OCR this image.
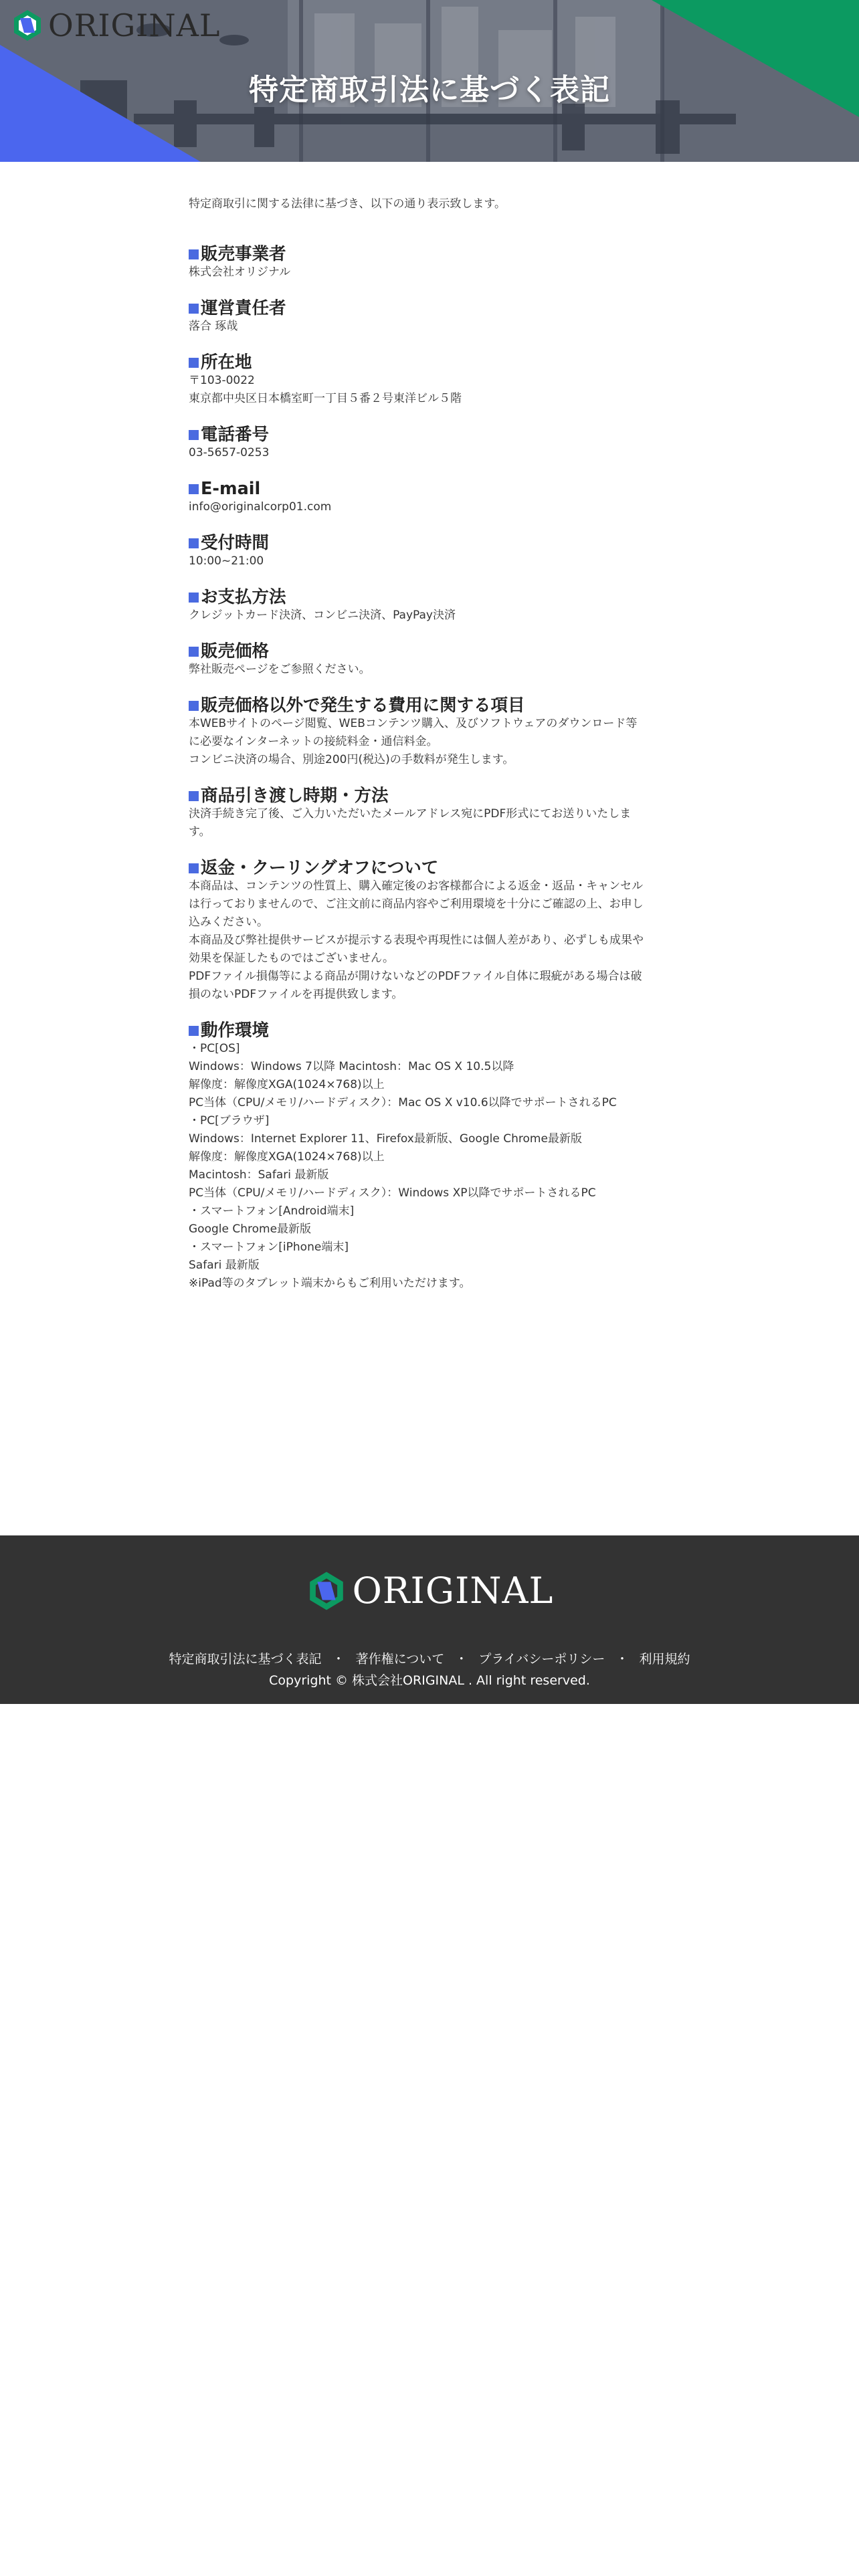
ORIGINAL
特定商取引法に基づく表記

特定商取引に関する法律に基づき、以下の通り表示致します。

販売事業者
株式会社オリジナル
運営責任者
落合 琢哉
所在地
〒103-0022
東京都中央区日本橋室町一丁目５番２号東洋ビル５階
電話番号
03-5657-0253
E-mail
info@originalcorp01.com
受付時間
10:00~21:00
お支払方法
クレジットカード決済、コンビニ決済、PayPay決済
販売価格
弊社販売ページをご参照ください。
販売価格以外で発生する費用に関する項目
本WEBサイトのページ閲覧、WEBコンテンツ購入、及びソフトウェアのダウンロード等
に必要なインターネットの接続料金・通信料金。
コンビニ決済の場合、別途200円(税込)の手数料が発生します。
商品引き渡し時期・方法
決済手続き完了後、ご入力いただいたメールアドレス宛にPDF形式にてお送りいたしま
す。
返金・クーリングオフについて
本商品は、コンテンツの性質上、購入確定後のお客様都合による返金・返品・キャンセル
は行っておりませんので、ご注文前に商品内容やご利用環境を十分にご確認の上、お申し
込みください。
本商品及び弊社提供サービスが提示する表現や再現性には個人差があり、必ずしも成果や
効果を保証したものではございません。
PDFファイル損傷等による商品が開けないなどのPDFファイル自体に瑕疵がある場合は破
損のないPDFファイルを再提供致します。
動作環境
・PC[OS]
Windows：Windows 7以降 Macintosh：Mac OS X 10.5以降
解像度：解像度XGA(1024×768)以上
PC当体（CPU/メモリ/ハードディスク）：Mac OS X v10.6以降でサポートされるPC
・PC[ブラウザ]
Windows：Internet Explorer 11、Firefox最新版、Google Chrome最新版
解像度：解像度XGA(1024×768)以上
Macintosh：Safari 最新版
PC当体（CPU/メモリ/ハードディスク）：Windows XP以降でサポートされるPC
・スマートフォン[Android端末]
Google Chrome最新版
・スマートフォン[iPhone端末]
Safari 最新版
※iPad等のタブレット端末からもご利用いただけます。
ORIGINAL
特定商取引法に基づく表記 ・ 著作権について ・ プライバシーポリシー ・ 利用規約

Copyright © 株式会社ORIGINAL . All right reserved.
